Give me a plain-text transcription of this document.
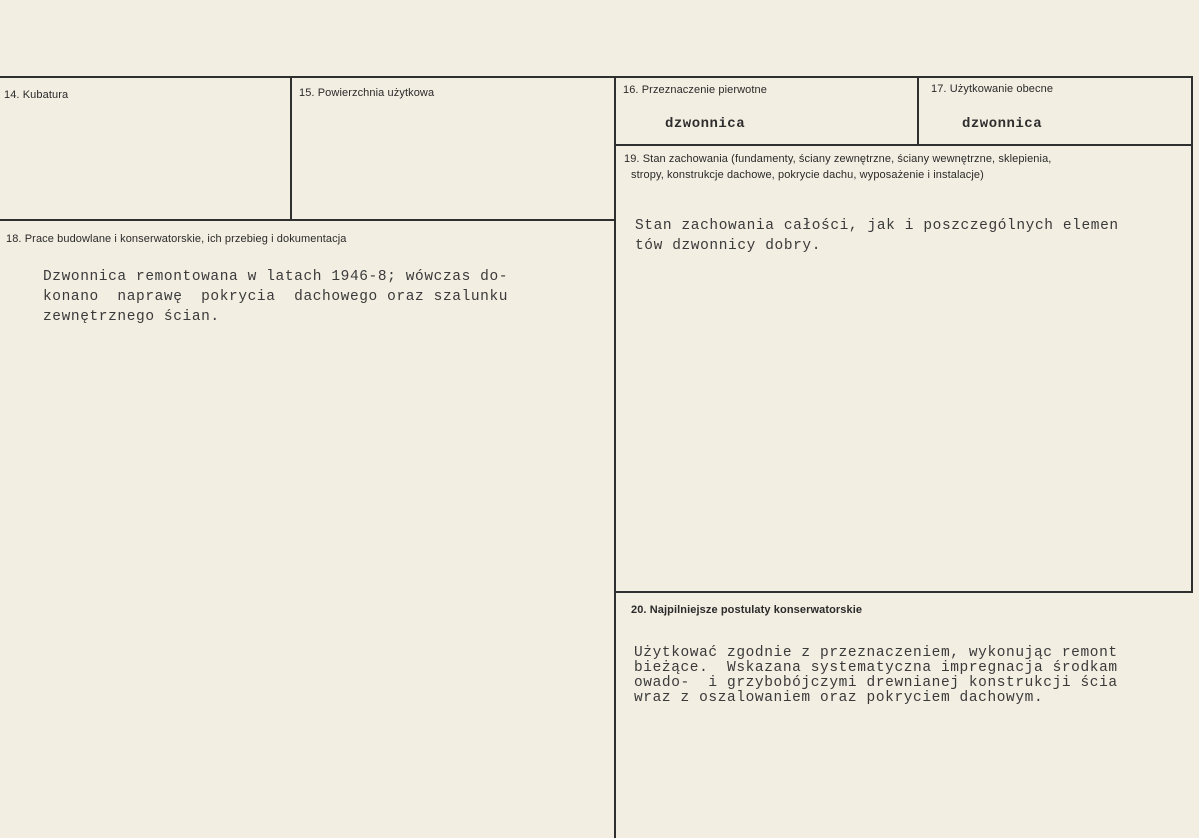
14. Kubatura	15. Powierzchnia użytkowa	16. Przeznaczenie pierwotne
dzwonnica
17. Użytkowanie obecne
dzwonnica
18. Prace budowlane i konserwatorskie, ich przebieg i dokumentacja
Dzwonnica remontowana w latach 1946-8; wówczas do-
konano  naprawę  pokrycia  dachowego oraz szalunku
zewnętrznego ścian.
19. Stan zachowania (fundamenty, ściany zewnętrzne, ściany wewnętrzne, sklepienia,
stropy, konstrukcje dachowe, pokrycie dachu, wyposażenie i instalacje)
Stan zachowania całości, jak i poszczególnych elemen
tów dzwonnicy dobry.
20. Najpilniejsze postulaty konserwatorskie
Użytkować zgodnie z przeznaczeniem, wykonując remont
bieżące.  Wskazana systematyczna impregnacja środkam
owado-  i grzybobójczymi drewnianej konstrukcji ścia
wraz z oszalowaniem oraz pokryciem dachowym.
